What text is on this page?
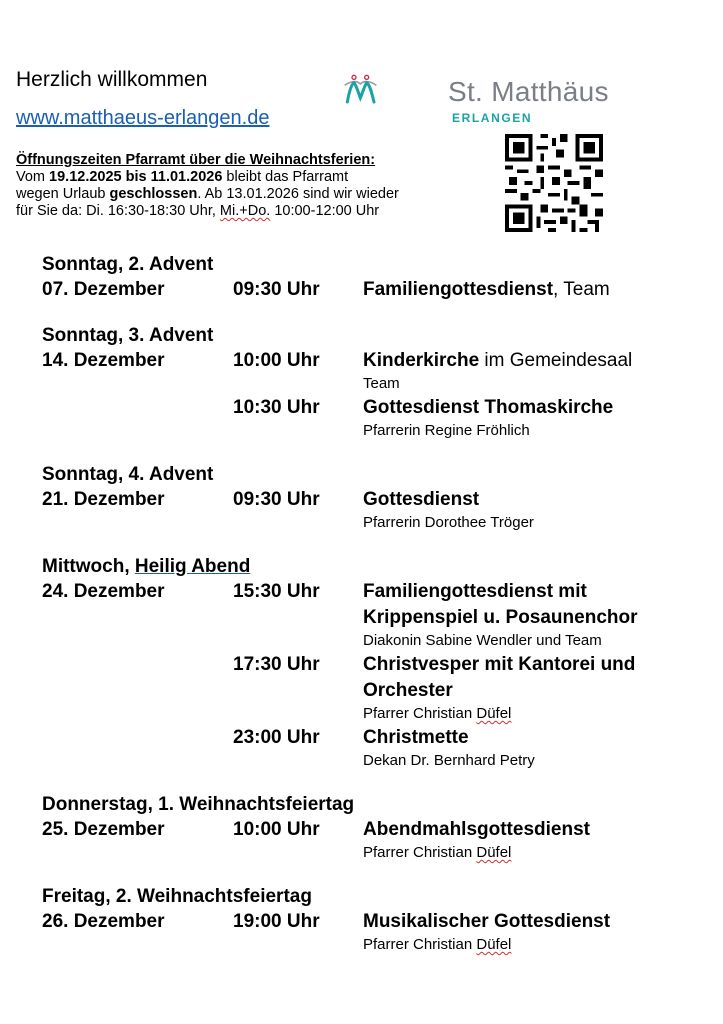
Herzlich willkommen
www.matthaeus-erlangen.de
St. Matthäus
ERLANGEN
Öffnungszeiten Pfarramt über die Weihnachtsferien:
Vom 19.12.2025 bis 11.01.2026 bleibt das Pfarramt
wegen Urlaub geschlossen. Ab 13.01.2026 sind wir wieder
für Sie da: Di. 16:30-18:30 Uhr, Mi.+Do. 10:00-12:00 Uhr
Sonntag, 2. Advent
07. Dezember	09:30 Uhr	Familiengottesdienst, Team
Sonntag, 3. Advent
14. Dezember	10:00 Uhr	Kinderkirche im Gemeindesaal
Team
10:30 Uhr	Gottesdienst Thomaskirche
Pfarrerin Regine Fröhlich
Sonntag, 4. Advent
21. Dezember	09:30 Uhr	Gottesdienst
Pfarrerin Dorothee Tröger
Mittwoch, Heilig Abend
24. Dezember	15:30 Uhr	Familiengottesdienst mit Krippenspiel u. Posaunenchor
Diakonin Sabine Wendler und Team
17:30 Uhr	Christvesper mit Kantorei und Orchester
Pfarrer Christian Düfel
23:00 Uhr	Christmette
Dekan Dr. Bernhard Petry
Donnerstag, 1. Weihnachtsfeiertag
25. Dezember	10:00 Uhr	Abendmahlsgottesdienst
Pfarrer Christian Düfel
Freitag, 2. Weihnachtsfeiertag
26. Dezember	19:00 Uhr	Musikalischer Gottesdienst
Pfarrer Christian Düfel
